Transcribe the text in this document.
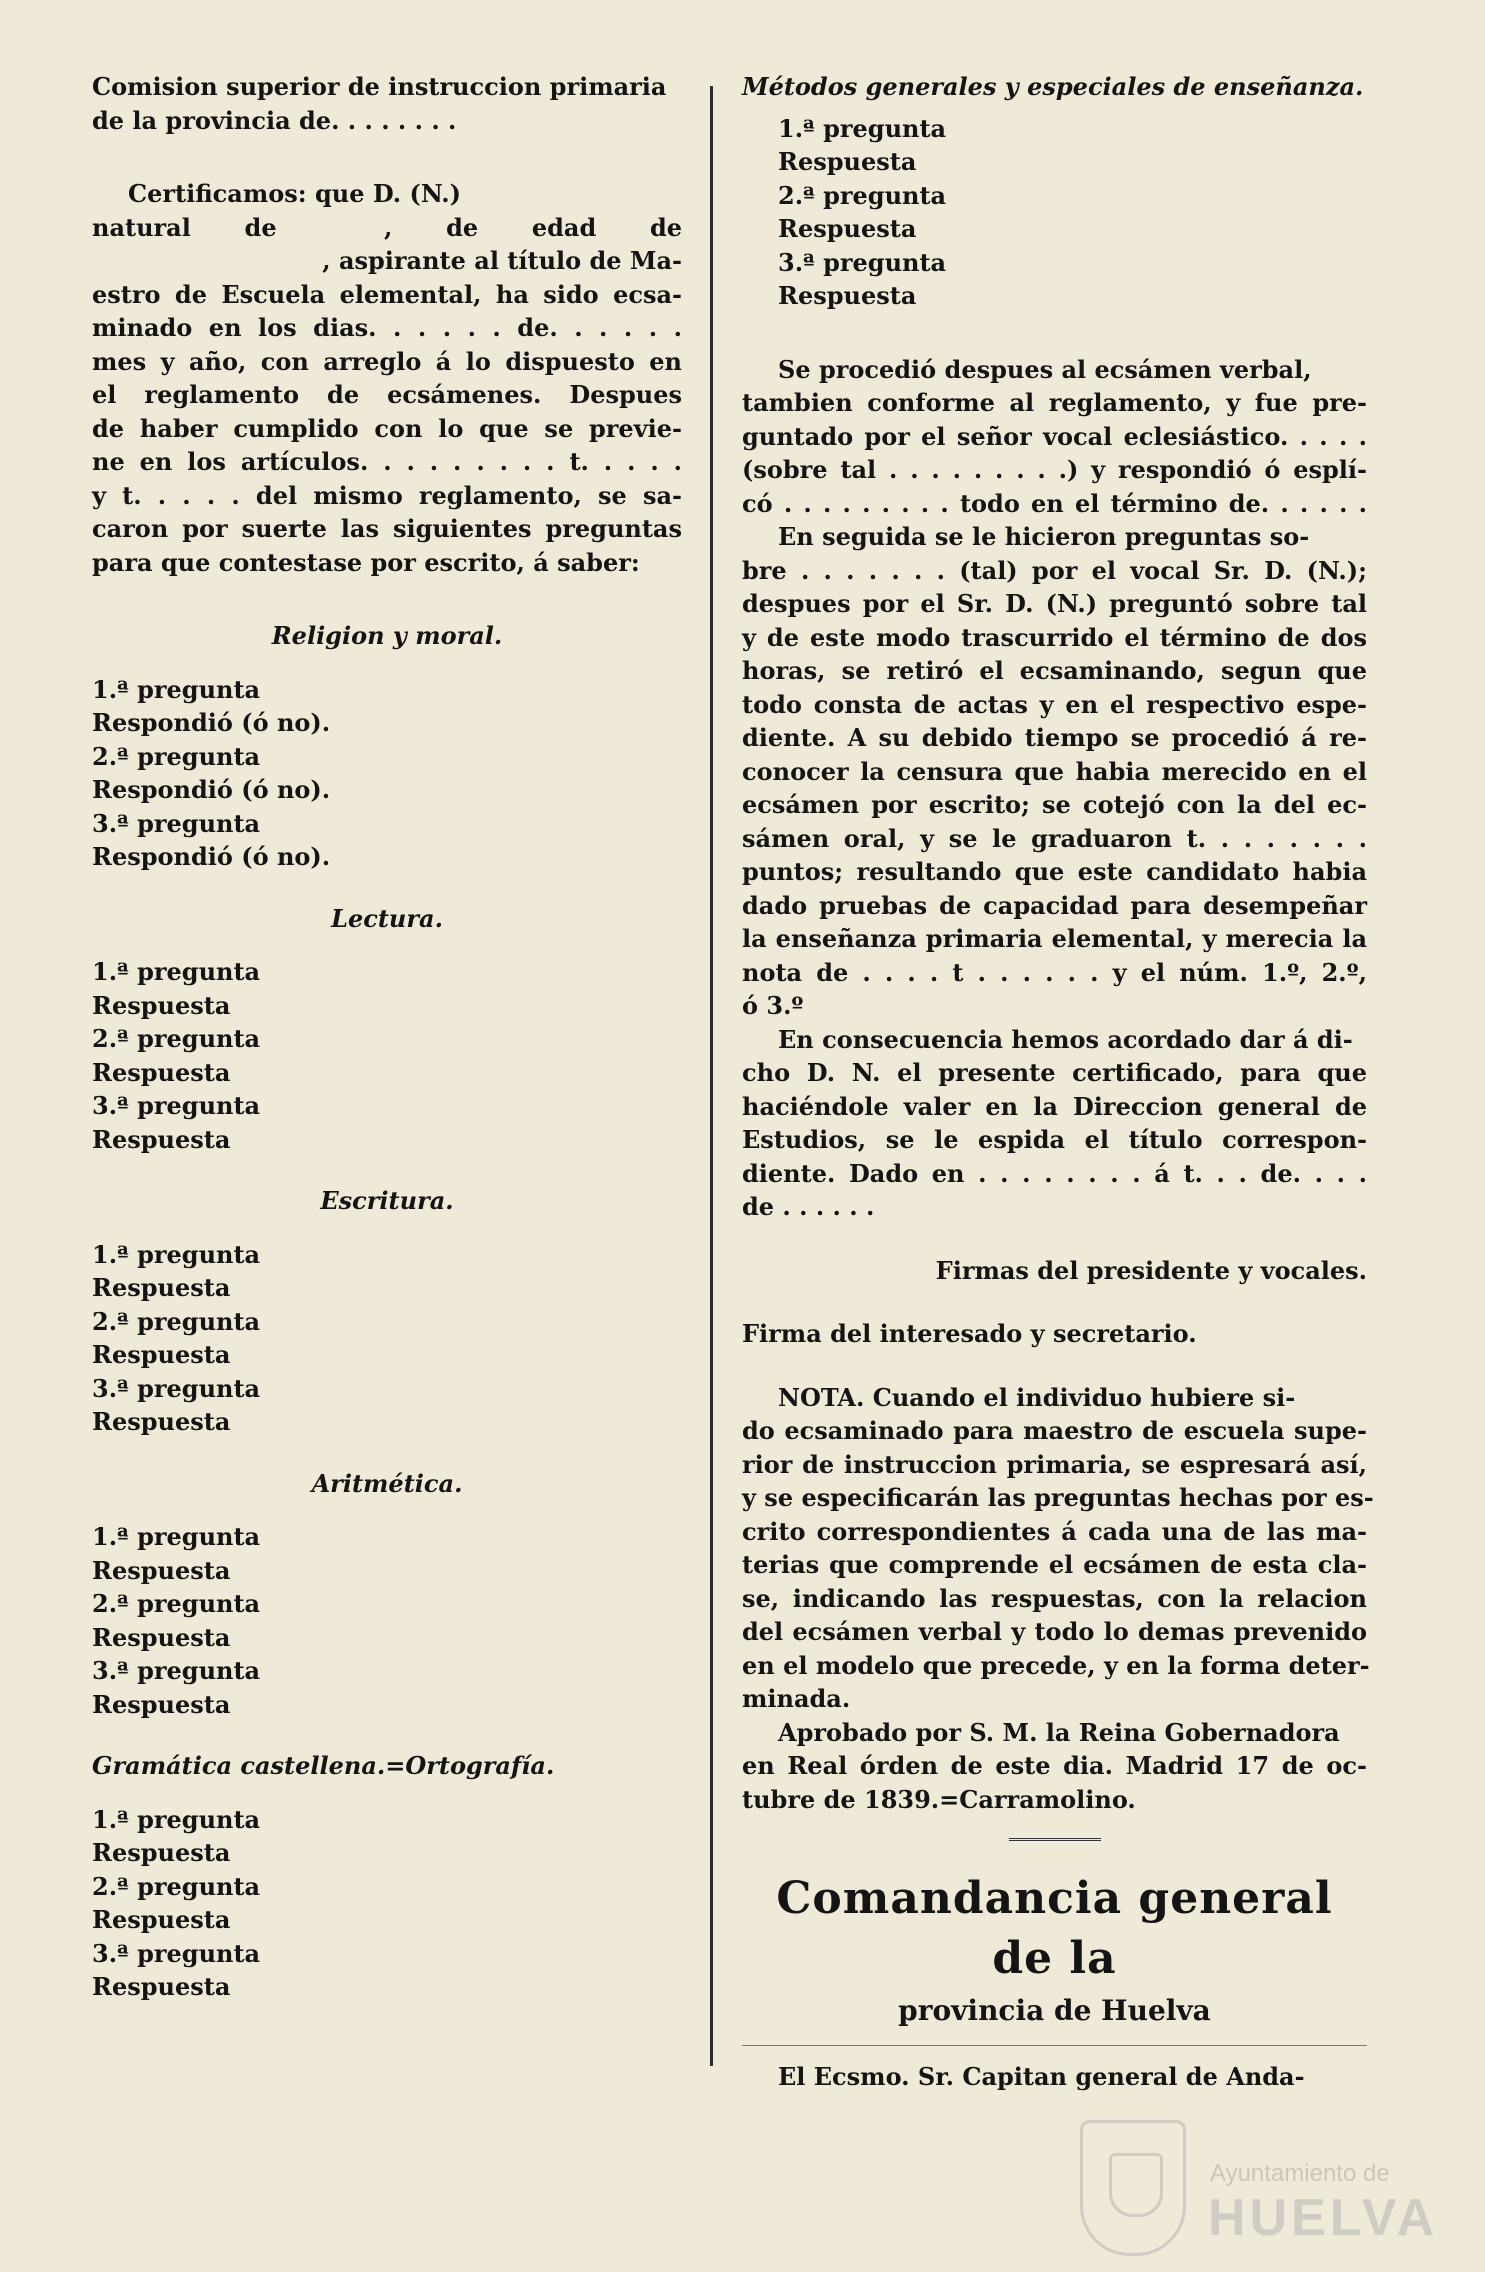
Comision superior de instruccion primaria

de la provincia de. . . . . . . .

Certificamos: que D. (N.)

natural de ​ , de edad de

, aspirante al título de Ma-

estro de Escuela elemental, ha sido ecsa-

minado en los dias. . . . . . de. . . . . .

mes y año, con arreglo á lo dispuesto en

el reglamento de ecsámenes. Despues

de haber cumplido con lo que se previe-

ne en los artículos. . . . . . . . . t. . . . .

y t. . . . . del mismo reglamento, se sa-

caron por suerte las siguientes preguntas

para que contestase por escrito, á saber:

Religion y moral.

1.ª pregunta

Respondió (ó no).

2.ª pregunta

Respondió (ó no).

3.ª pregunta

Respondió (ó no).

Lectura.

1.ª pregunta

Respuesta

2.ª pregunta

Respuesta

3.ª pregunta

Respuesta

Escritura.

1.ª pregunta

Respuesta

2.ª pregunta

Respuesta

3.ª pregunta

Respuesta

Aritmética.

1.ª pregunta

Respuesta

2.ª pregunta

Respuesta

3.ª pregunta

Respuesta

Gramática castellena.=Ortografía.

1.ª pregunta

Respuesta

2.ª pregunta

Respuesta

3.ª pregunta

Respuesta

Métodos generales y especiales de enseñanza.

1.ª pregunta

Respuesta

2.ª pregunta

Respuesta

3.ª pregunta

Respuesta

Se procedió despues al ecsámen verbal,

tambien conforme al reglamento, y fue pre-

guntado por el señor vocal eclesiástico. . . . .

(sobre tal . . . . . . . . .) y respondió ó esplí-

có . . . . . . . . . todo en el término de. . . . . .

En seguida se le hicieron preguntas so-

bre . . . . . . . (tal) por el vocal Sr. D. (N.);

despues por el Sr. D. (N.) preguntó sobre tal

y de este modo trascurrido el término de dos

horas, se retiró el ecsaminando, segun que

todo consta de actas y en el respectivo espe-

diente. A su debido tiempo se procedió á re-

conocer la censura que habia merecido en el

ecsámen por escrito; se cotejó con la del ec-

sámen oral, y se le graduaron t. . . . . . . .

puntos; resultando que este candidato habia

dado pruebas de capacidad para desempeñar

la enseñanza primaria elemental, y merecia la

nota de . . . . t . . . . . . y el núm. 1.º, 2.º,

ó 3.º

En consecuencia hemos acordado dar á di-

cho D. N. el presente certificado, para que

haciéndole valer en la Direccion general de

Estudios, se le espida el título correspon-

diente. Dado en . . . . . . . . á t. . . de. . . .

de . . . . . .

Firmas del presidente y vocales.

Firma del interesado y secretario.

NOTA. Cuando el individuo hubiere si-

do ecsaminado para maestro de escuela supe-

rior de instruccion primaria, se espresará así,

y se especificarán las preguntas hechas por es-

crito correspondientes á cada una de las ma-

terias que comprende el ecsámen de esta cla-

se, indicando las respuestas, con la relacion

del ecsámen verbal y todo lo demas prevenido

en el modelo que precede, y en la forma deter-

minada.

Aprobado por S. M. la Reina Gobernadora

en Real órden de este dia. Madrid 17 de oc-

tubre de 1839.=Carramolino.

Comandancia general de la

provincia de Huelva

El Ecsmo. Sr. Capitan general de Anda-

Ayuntamiento de
HUELVA
